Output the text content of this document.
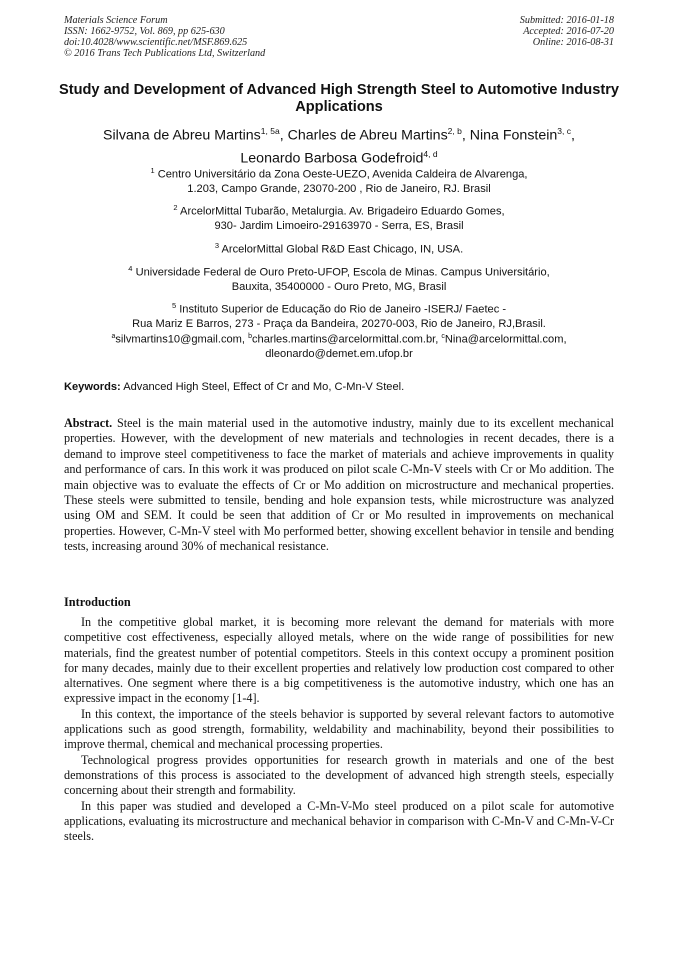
Materials Science Forum
ISSN: 1662-9752, Vol. 869, pp 625-630
doi:10.4028/www.scientific.net/MSF.869.625
© 2016 Trans Tech Publications Ltd, Switzerland
Submitted: 2016-01-18
Accepted: 2016-07-20
Online: 2016-08-31
Study and Development of Advanced High Strength Steel to Automotive Industry Applications
Silvana de Abreu Martins$^{1, 5a}$, Charles de Abreu Martins$^{2, b}$, Nina Fonstein$^{3, c}$,
Leonardo Barbosa Godefroid$^{4, d}$
$^1$ Centro Universitário da Zona Oeste-UEZO, Avenida Caldeira de Alvarenga,
1.203, Campo Grande, 23070-200 , Rio de Janeiro, RJ. Brasil
$^2$ ArcelorMittal Tubarão, Metalurgia. Av. Brigadeiro Eduardo Gomes,
930- Jardim Limoeiro-29163970 - Serra, ES, Brasil
$^3$ ArcelorMittal Global R&D East Chicago, IN, USA.
$^4$ Universidade Federal de Ouro Preto-UFOP, Escola de Minas. Campus Universitário,
Bauxita, 35400000 - Ouro Preto, MG, Brasil
$^5$ Instituto Superior de Educação do Rio de Janeiro -ISERJ/ Faetec -
Rua Mariz E Barros, 273 - Praça da Bandeira, 20270-003, Rio de Janeiro, RJ,Brasil.
$^a$silvmartins10@gmail.com, $^b$charles.martins@arcelormittal.com.br, $^c$Nina@arcelormittal.com,
dleonardo@demet.em.ufop.br
Keywords: Advanced High Steel, Effect of Cr and Mo, C-Mn-V Steel.
Abstract. Steel is the main material used in the automotive industry, mainly due to its excellent mechanical properties. However, with the development of new materials and technologies in recent decades, there is a demand to improve steel competitiveness to face the market of materials and achieve improvements in quality and performance of cars. In this work it was produced on pilot scale C-Mn-V steels with Cr or Mo addition. The main objective was to evaluate the effects of Cr or Mo addition on microstructure and mechanical properties. These steels were submitted to tensile, bending and hole expansion tests, while microstructure was analyzed using OM and SEM. It could be seen that addition of Cr or Mo resulted in improvements on mechanical properties. However, C-Mn-V steel with Mo performed better, showing excellent behavior in tensile and bending tests, increasing around 30% of mechanical resistance.
Introduction

In the competitive global market, it is becoming more relevant the demand for materials with more competitive cost effectiveness, especially alloyed metals, where on the wide range of possibilities for new materials, find the greatest number of potential competitors. Steels in this context occupy a prominent position for many decades, mainly due to their excellent properties and relatively low production cost compared to other alternatives. One segment where there is a big competitiveness is the automotive industry, which one has an expressive impact in the economy [1-4].

In this context, the importance of the steels behavior is supported by several relevant factors to automotive applications such as good strength, formability, weldability and machinability, beyond their possibilities to improve thermal, chemical and mechanical processing properties.

Technological progress provides opportunities for research growth in materials and one of the best demonstrations of this process is associated to the development of advanced high strength steels, especially concerning about their strength and formability.

In this paper was studied and developed a C-Mn-V-Mo steel produced on a pilot scale for automotive applications, evaluating its microstructure and mechanical behavior in comparison with C-Mn-V and C-Mn-V-Cr steels.
